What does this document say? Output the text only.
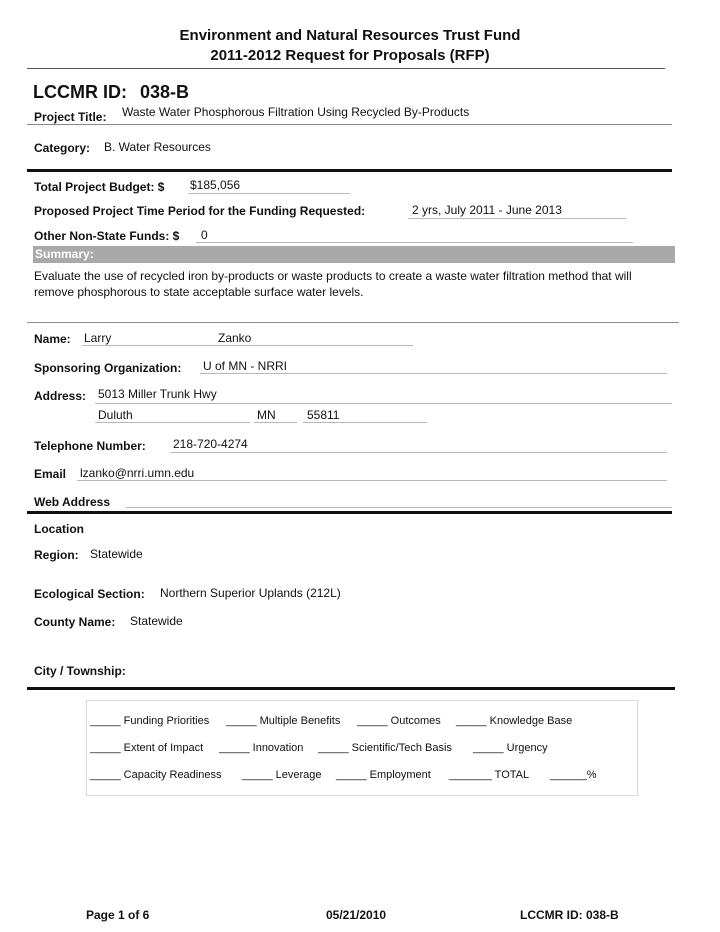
Environment and Natural Resources Trust Fund
2011-2012 Request for Proposals (RFP)
LCCMR ID: 038-B
Project Title: Waste Water Phosphorous Filtration Using Recycled By-Products
Category: B. Water Resources
Total Project Budget: $ $185,056
Proposed Project Time Period for the Funding Requested:	2 yrs, July 2011 - June 2013
Other Non-State Funds: $ 0
Summary:
Evaluate the use of recycled iron by-products or waste products to create a waste water filtration method that will remove phosphorous to state acceptable surface water levels.
Name: Larry	Zanko
Sponsoring Organization: U of MN - NRRI
Address: 5013 Miller Trunk Hwy
Duluth	MN	55811
Telephone Number: 218-720-4274
Email lzanko@nrri.umn.edu
Web Address
Location
Region: Statewide
Ecological Section: Northern Superior Uplands (212L)
County Name: Statewide
City / Township:
_____ Funding Priorities _____ Multiple Benefits _____ Outcomes _____ Knowledge Base
_____ Extent of Impact _____ Innovation _____ Scientific/Tech Basis _____ Urgency
_____ Capacity Readiness _____ Leverage _____ Employment _______ TOTAL ______%
Page 1 of 6	05/21/2010	LCCMR ID: 038-B
